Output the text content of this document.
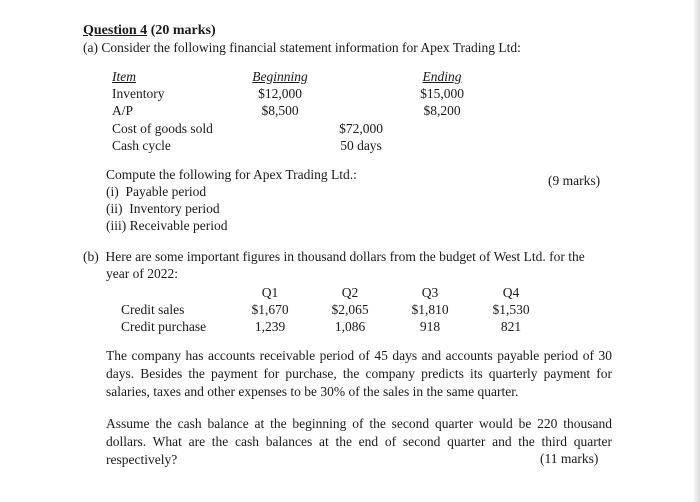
Question 4 (20 marks)
(a) Consider the following financial statement information for Apex Trading Ltd:
Item	Beginning	Ending
Inventory	$12,000	$15,000
A/P	$8,500	$8,200
Cost of goods sold	$72,000
Cash cycle	50 days
Compute the following for Apex Trading Ltd.:	(9 marks)
(i)  Payable period
(ii)  Inventory period
(iii) Receivable period
(b)  Here are some important figures in thousand dollars from the budget of West Ltd. for the
year of 2022:
Q1	Q2	Q3	Q4
Credit sales	$1,670	$2,065	$1,810	$1,530
Credit purchase	1,239	1,086	918	821
The company has accounts receivable period of 45 days and accounts payable period of 30 days. Besides the payment for purchase, the company predicts its quarterly payment for salaries, taxes and other expenses to be 30% of the sales in the same quarter.
Assume the cash balance at the beginning of the second quarter would be 220 thousand dollars. What are the cash balances at the end of second quarter and the third quarter respectively?	(11 marks)
